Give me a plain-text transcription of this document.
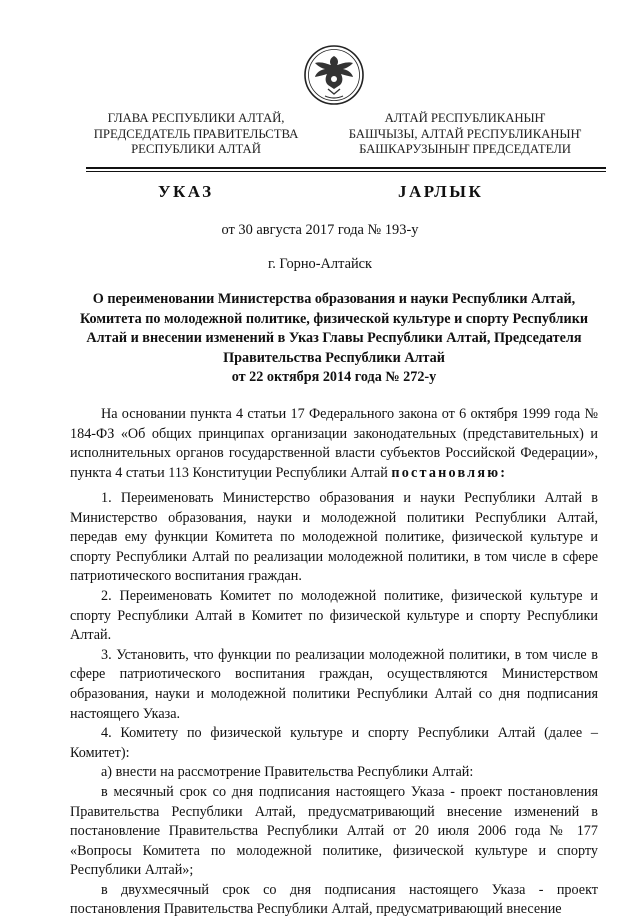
ГЛАВА РЕСПУБЛИКИ АЛТАЙ,
ПРЕДСЕДАТЕЛЬ ПРАВИТЕЛЬСТВА
РЕСПУБЛИКИ АЛТАЙ
АЛТАЙ РЕСПУБЛИКАНЫҤ
БАШЧЫЗЫ, АЛТАЙ РЕСПУБЛИКАНЫҤ
БАШКАРУЗЫНЫҤ ПРЕДСЕДАТЕЛИ
УКАЗ	ЈАРЛЫК
от 30 августа 2017 года № 193-у
г. Горно-Алтайск
О переименовании Министерства образования и науки Республики Алтай,
Комитета по молодежной политике, физической культуре и спорту Республики
Алтай и внесении изменений в Указ Главы Республики Алтай, Председателя
Правительства Республики Алтай
от 22 октября 2014 года № 272-у

На основании пункта 4 статьи 17 Федерального закона от 6 октября 1999 года № 184-ФЗ «Об общих принципах организации законодательных (представительных) и исполнительных органов государственной власти субъектов Российской Федерации», пункта 4 статьи 113 Конституции Республики Алтай постановляю:

1. Переименовать Министерство образования и науки Республики Алтай в Министерство образования, науки и молодежной политики Республики Алтай, передав ему функции Комитета по молодежной политике, физической культуре и спорту Республики Алтай по реализации молодежной политики, в том числе в сфере патриотического воспитания граждан.

2. Переименовать Комитет по молодежной политике, физической культуре и спорту Республики Алтай в Комитет по физической культуре и спорту Республики Алтай.

3. Установить, что функции по реализации молодежной политики, в том числе в сфере патриотического воспитания граждан, осуществляются Министерством образования, науки и молодежной политики Республики Алтай со дня подписания настоящего Указа.

4. Комитету по физической культуре и спорту Республики Алтай (далее – Комитет):

а) внести на рассмотрение Правительства Республики Алтай:

в месячный срок со дня подписания настоящего Указа - проект постановления Правительства Республики Алтай, предусматривающий внесение изменений в постановление Правительства Республики Алтай от 20 июля 2006 года № 177 «Вопросы Комитета по молодежной политике, физической культуре и спорту Республики Алтай»;

в двухмесячный срок со дня подписания настоящего Указа - проект постановления Правительства Республики Алтай, предусматривающий внесение
